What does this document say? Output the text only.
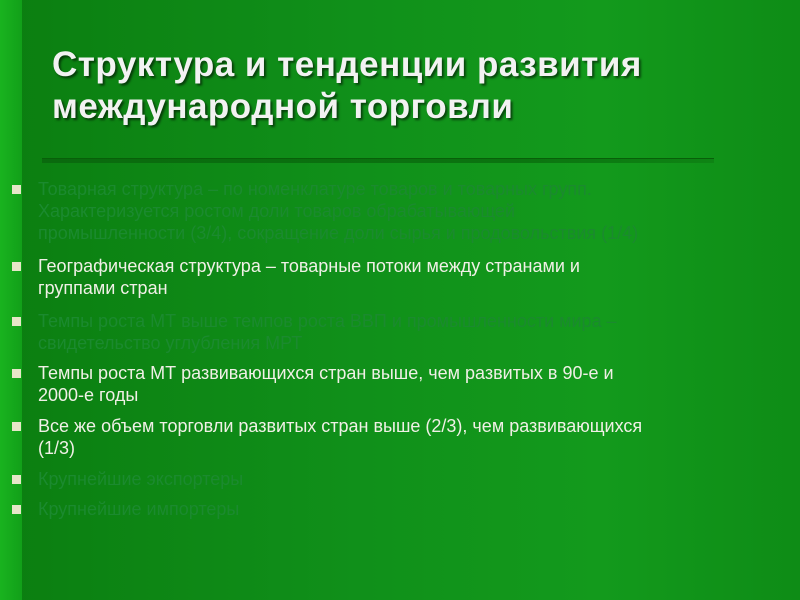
Структура и тенденции развития
международной торговли
Товарная структура – по номенклатуре товаров и товарных групп.
Характеризуется ростом доли товаров обрабатывающей
промышленности (3/4), сокращение доли сырья и продовольствия (1/4)
Географическая структура – товарные потоки между странами и
группами стран
Темпы роста МТ выше темпов роста ВВП и промышленности мира –
свидетельство углубления МРТ
Темпы роста МТ развивающихся стран выше, чем развитых в 90-е и
2000-е годы
Все же объем торговли развитых стран выше (2/3), чем развивающихся
(1/3)
Крупнейшие экспортеры
Крупнейшие импортеры
